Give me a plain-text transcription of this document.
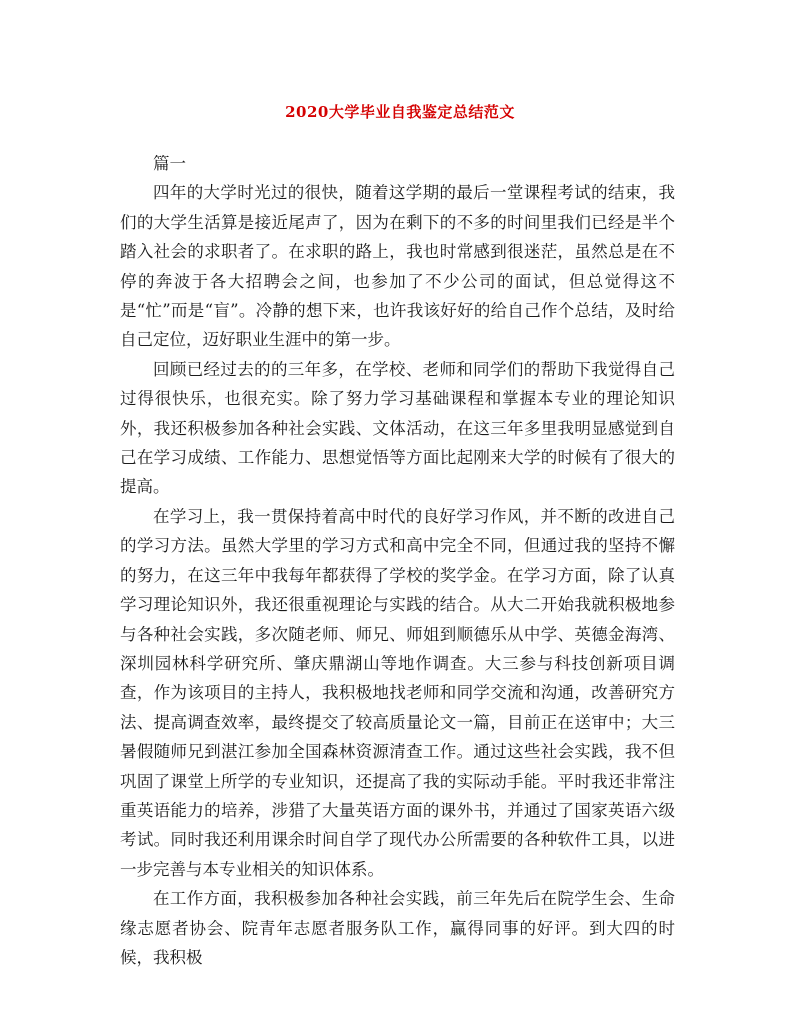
2020大学毕业自我鉴定总结范文

篇一

四年的大学时光过的很快，随着这学期的最后一堂课程考试的结束，我们的大学生活算是接近尾声了，因为在剩下的不多的时间里我们已经是半个踏入社会的求职者了。在求职的路上，我也时常感到很迷茫，虽然总是在不停的奔波于各大招聘会之间，也参加了不少公司的面试，但总觉得这不是“忙”而是“盲”。冷静的想下来，也许我该好好的给自己作个总结，及时给自己定位，迈好职业生涯中的第一步。

回顾已经过去的的三年多，在学校、老师和同学们的帮助下我觉得自己过得很快乐，也很充实。除了努力学习基础课程和掌握本专业的理论知识外，我还积极参加各种社会实践、文体活动，在这三年多里我明显感觉到自己在学习成绩、工作能力、思想觉悟等方面比起刚来大学的时候有了很大的提高。

在学习上，我一贯保持着高中时代的良好学习作风，并不断的改进自己的学习方法。虽然大学里的学习方式和高中完全不同，但通过我的坚持不懈的努力，在这三年中我每年都获得了学校的奖学金。在学习方面，除了认真学习理论知识外，我还很重视理论与实践的结合。从大二开始我就积极地参与各种社会实践，多次随老师、师兄、师姐到顺德乐从中学、英德金海湾、深圳园林科学研究所、肇庆鼎湖山等地作调查。大三参与科技创新项目调查，作为该项目的主持人，我积极地找老师和同学交流和沟通，改善研究方法、提高调查效率，最终提交了较高质量论文一篇，目前正在送审中；大三暑假随师兄到湛江参加全国森林资源清查工作。通过这些社会实践，我不但巩固了课堂上所学的专业知识，还提高了我的实际动手能。平时我还非常注重英语能力的培养，涉猎了大量英语方面的课外书，并通过了国家英语六级考试。同时我还利用课余时间自学了现代办公所需要的各种软件工具，以进一步完善与本专业相关的知识体系。

在工作方面，我积极参加各种社会实践，前三年先后在院学生会、生命缘志愿者协会、院青年志愿者服务队工作，赢得同事的好评。到大四的时候，我积极
